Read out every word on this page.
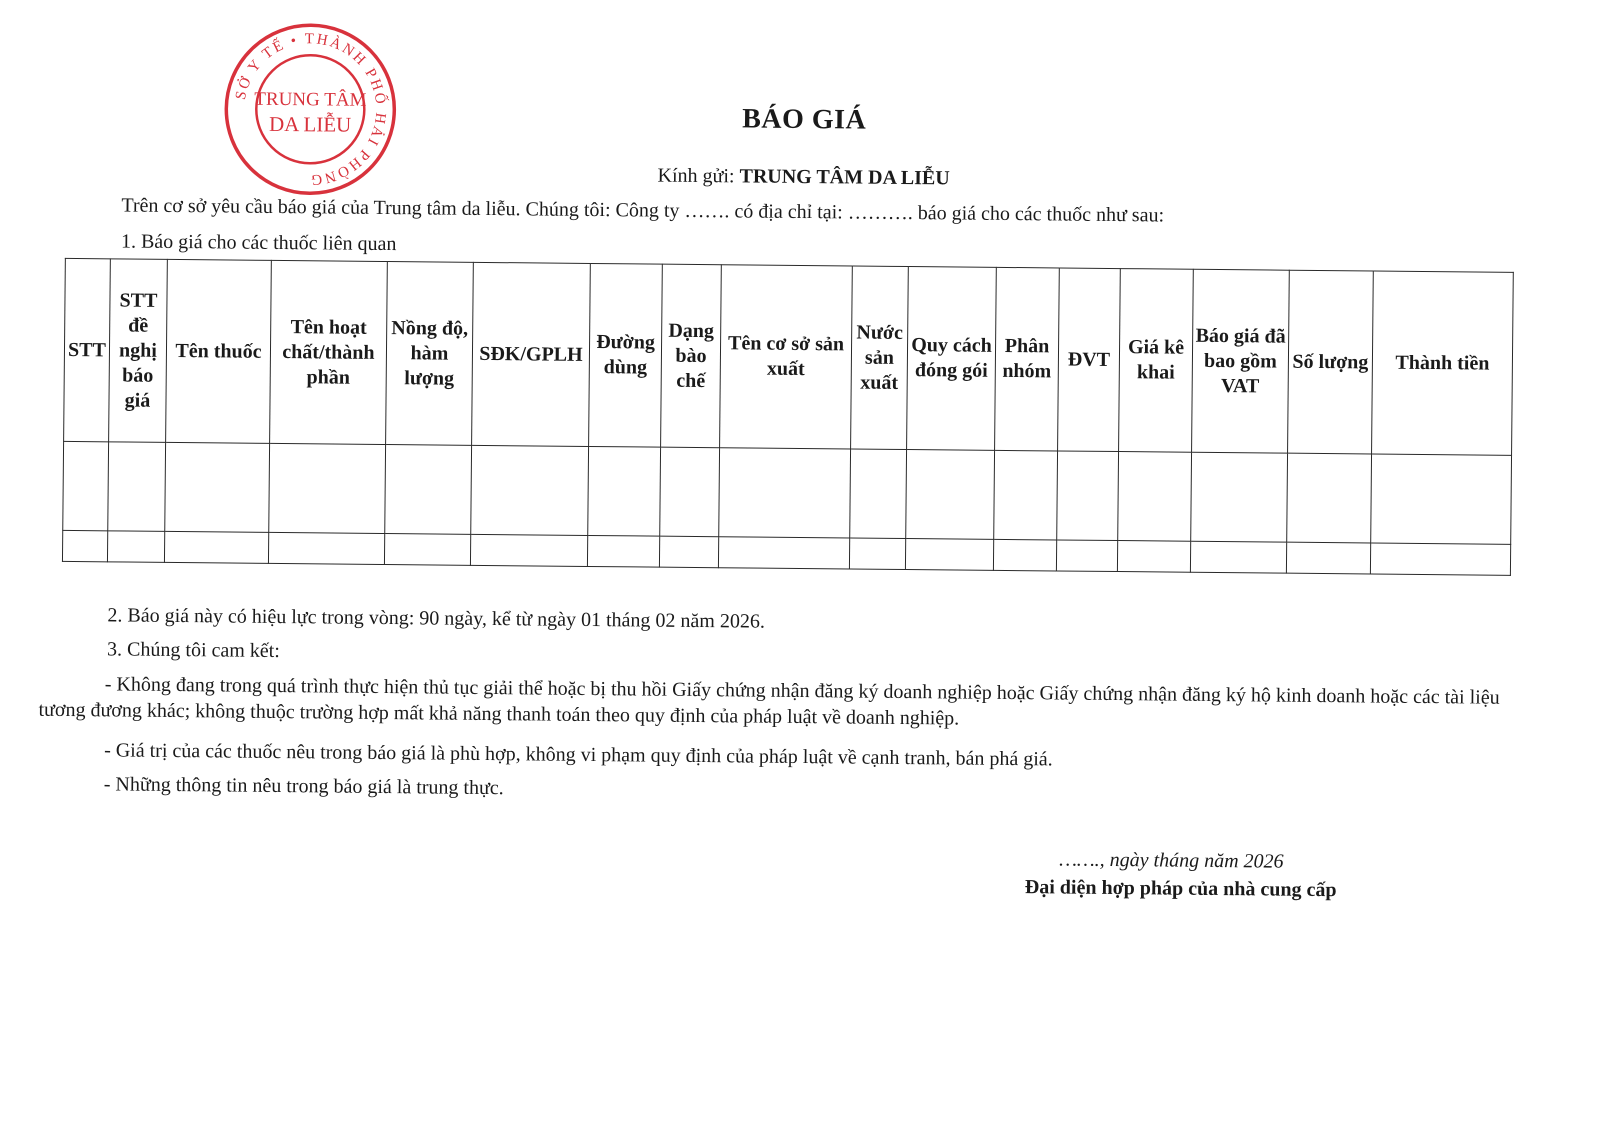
SỞ Y TẾ • THÀNH PHỐ HẢI PHÒNG
TRUNG TÂM
DA LIỄU	BÁO GIÁ
Kính gửi: TRUNG TÂM DA LIỄU
Trên cơ sở yêu cầu báo giá của Trung tâm da liễu. Chúng tôi: Công ty ……. có địa chỉ tại: ………. báo giá cho các thuốc như sau:
1. Báo giá cho các thuốc liên quan
STT	STT đề nghị báo giá	Tên thuốc	Tên hoạt chất/thành phần	Nồng độ, hàm lượng	SĐK/GPLH	Đường dùng	Dạng bào chế	Tên cơ sở sản xuất	Nước sản xuất	Quy cách đóng gói	Phân nhóm	ĐVT	Giá kê khai	Báo giá đã bao gồm VAT	Số lượng	Thành tiền

2. Báo giá này có hiệu lực trong vòng: 90 ngày, kể từ ngày 01 tháng 02 năm 2026.
3. Chúng tôi cam kết:
- Không đang trong quá trình thực hiện thủ tục giải thể hoặc bị thu hồi Giấy chứng nhận đăng ký doanh nghiệp hoặc Giấy chứng nhận đăng ký hộ kinh doanh hoặc các tài liệu tương đương khác; không thuộc trường hợp mất khả năng thanh toán theo quy định của pháp luật về doanh nghiệp.
- Giá trị của các thuốc nêu trong báo giá là phù hợp, không vi phạm quy định của pháp luật về cạnh tranh, bán phá giá.
- Những thông tin nêu trong báo giá là trung thực.
……., ngày tháng năm 2026
Đại diện hợp pháp của nhà cung cấp
